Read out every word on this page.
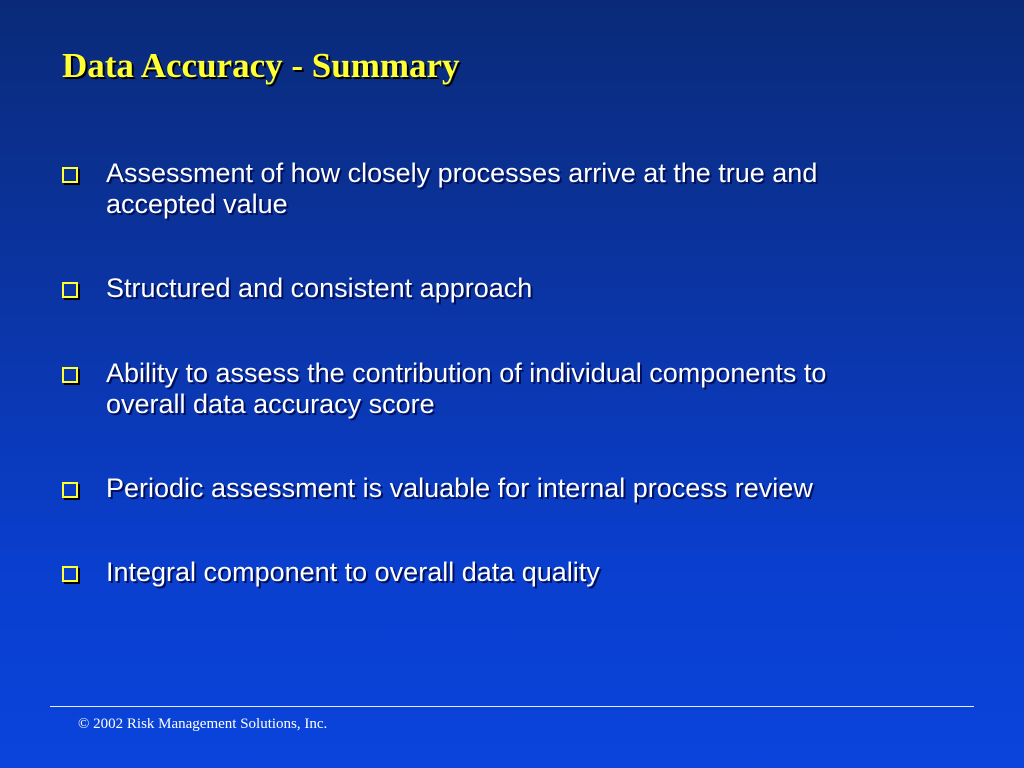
Data Accuracy - Summary
Assessment of how closely processes arrive at the true and accepted value
Structured and consistent approach
Ability to assess the contribution of individual components to overall data accuracy score
Periodic assessment is valuable for internal process review
Integral component to overall data quality
© 2002 Risk Management Solutions, Inc.
